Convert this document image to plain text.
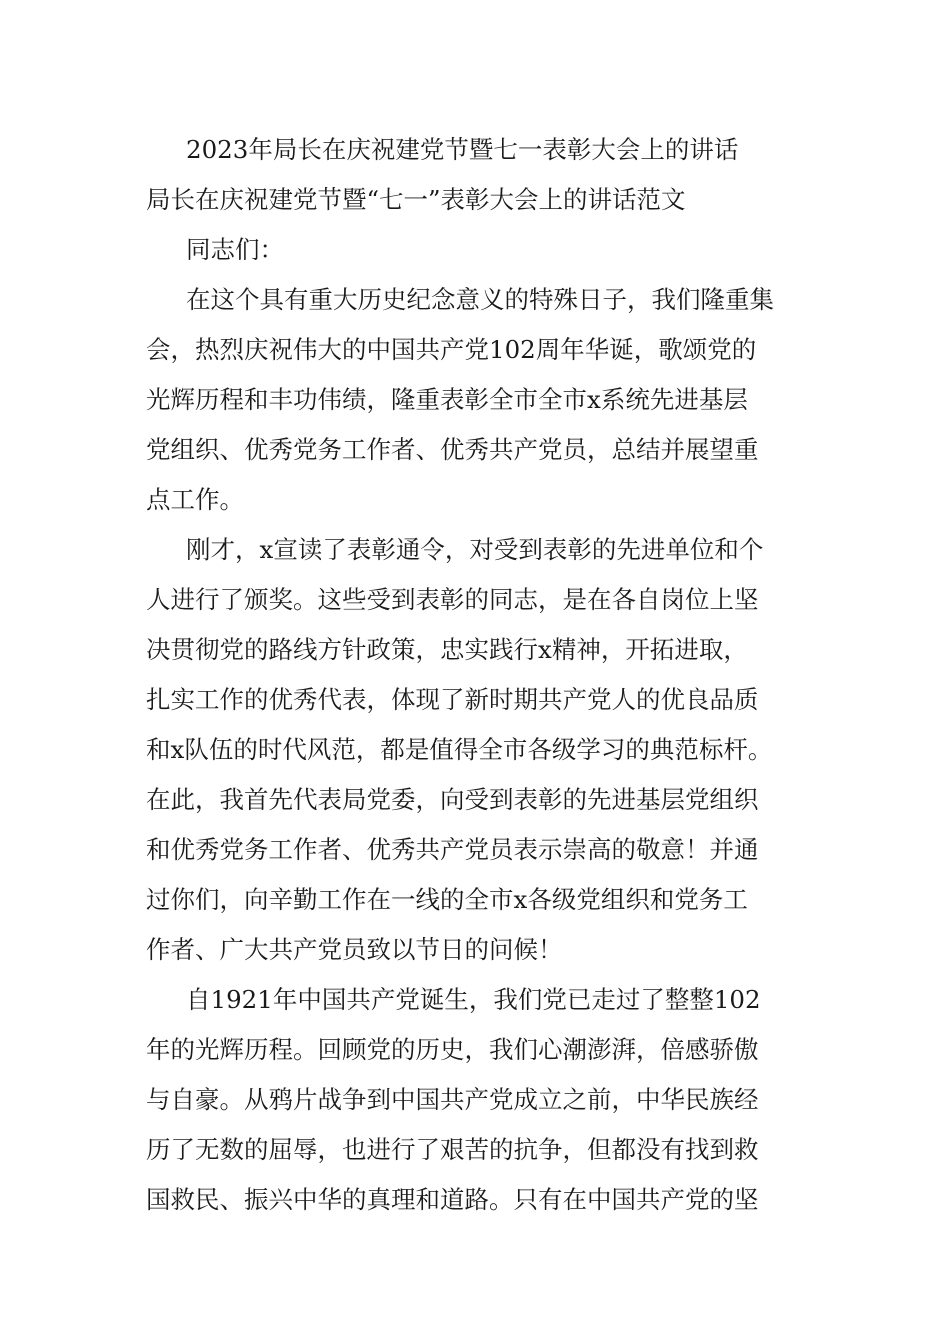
2023年局长在庆祝建党节暨七一表彰大会上的讲话
局长在庆祝建党节暨“七一”表彰大会上的讲话范文
同志们：
在这个具有重大历史纪念意义的特殊日子，我们隆重集
会，热烈庆祝伟大的中国共产党102周年华诞，歌颂党的
光辉历程和丰功伟绩，隆重表彰全市全市x系统先进基层
党组织、优秀党务工作者、优秀共产党员，总结并展望重
点工作。
刚才，x宣读了表彰通令，对受到表彰的先进单位和个
人进行了颁奖。这些受到表彰的同志，是在各自岗位上坚
决贯彻党的路线方针政策，忠实践行x精神，开拓进取，
扎实工作的优秀代表，体现了新时期共产党人的优良品质
和x队伍的时代风范，都是值得全市各级学习的典范标杆。
在此，我首先代表局党委，向受到表彰的先进基层党组织
和优秀党务工作者、优秀共产党员表示崇高的敬意！并通
过你们，向辛勤工作在一线的全市x各级党组织和党务工
作者、广大共产党员致以节日的问候！
自1921年中国共产党诞生，我们党已走过了整整102
年的光辉历程。回顾党的历史，我们心潮澎湃，倍感骄傲
与自豪。从鸦片战争到中国共产党成立之前，中华民族经
历了无数的屈辱，也进行了艰苦的抗争，但都没有找到救
国救民、振兴中华的真理和道路。只有在中国共产党的坚
